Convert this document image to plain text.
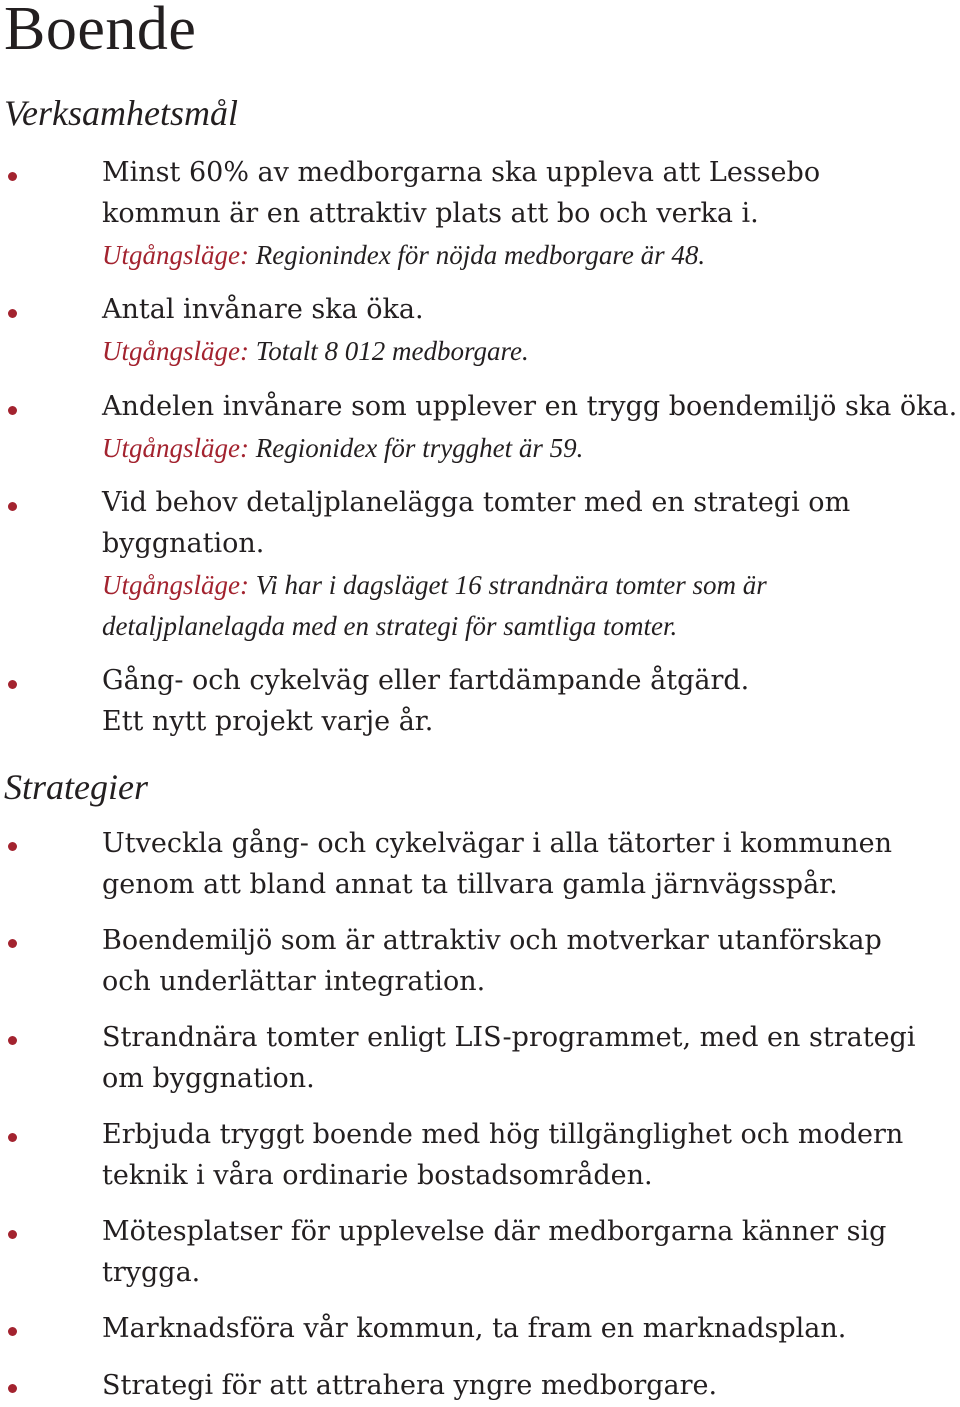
Boende
Verksamhetsmål
Minst 60% av medborgarna ska uppleva att Lessebo
kommun är en attraktiv plats att bo och verka i.
Utgångsläge: Regionindex för nöjda medborgare är 48.
Antal invånare ska öka.
Utgångsläge: Totalt 8 012 medborgare.
Andelen invånare som upplever en trygg boendemiljö ska öka.
Utgångsläge: Regionidex för trygghet är 59.
Vid behov detaljplanelägga tomter med en strategi om
byggnation.
Utgångsläge: Vi har i dagsläget 16 strandnära tomter som är
detaljplanelagda med en strategi för samtliga tomter.
Gång- och cykelväg eller fartdämpande åtgärd.
Ett nytt projekt varje år.
Strategier
Utveckla gång- och cykelvägar i alla tätorter i kommunen
genom att bland annat ta tillvara gamla järnvägsspår.
Boendemiljö som är attraktiv och motverkar utanförskap
och underlättar integration.
Strandnära tomter enligt LIS-programmet, med en strategi
om byggnation.
Erbjuda tryggt boende med hög tillgänglighet och modern
teknik i våra ordinarie bostadsområden.
Mötesplatser för upplevelse där medborgarna känner sig
trygga.
Marknadsföra vår kommun, ta fram en marknadsplan.
Strategi för att attrahera yngre medborgare.
